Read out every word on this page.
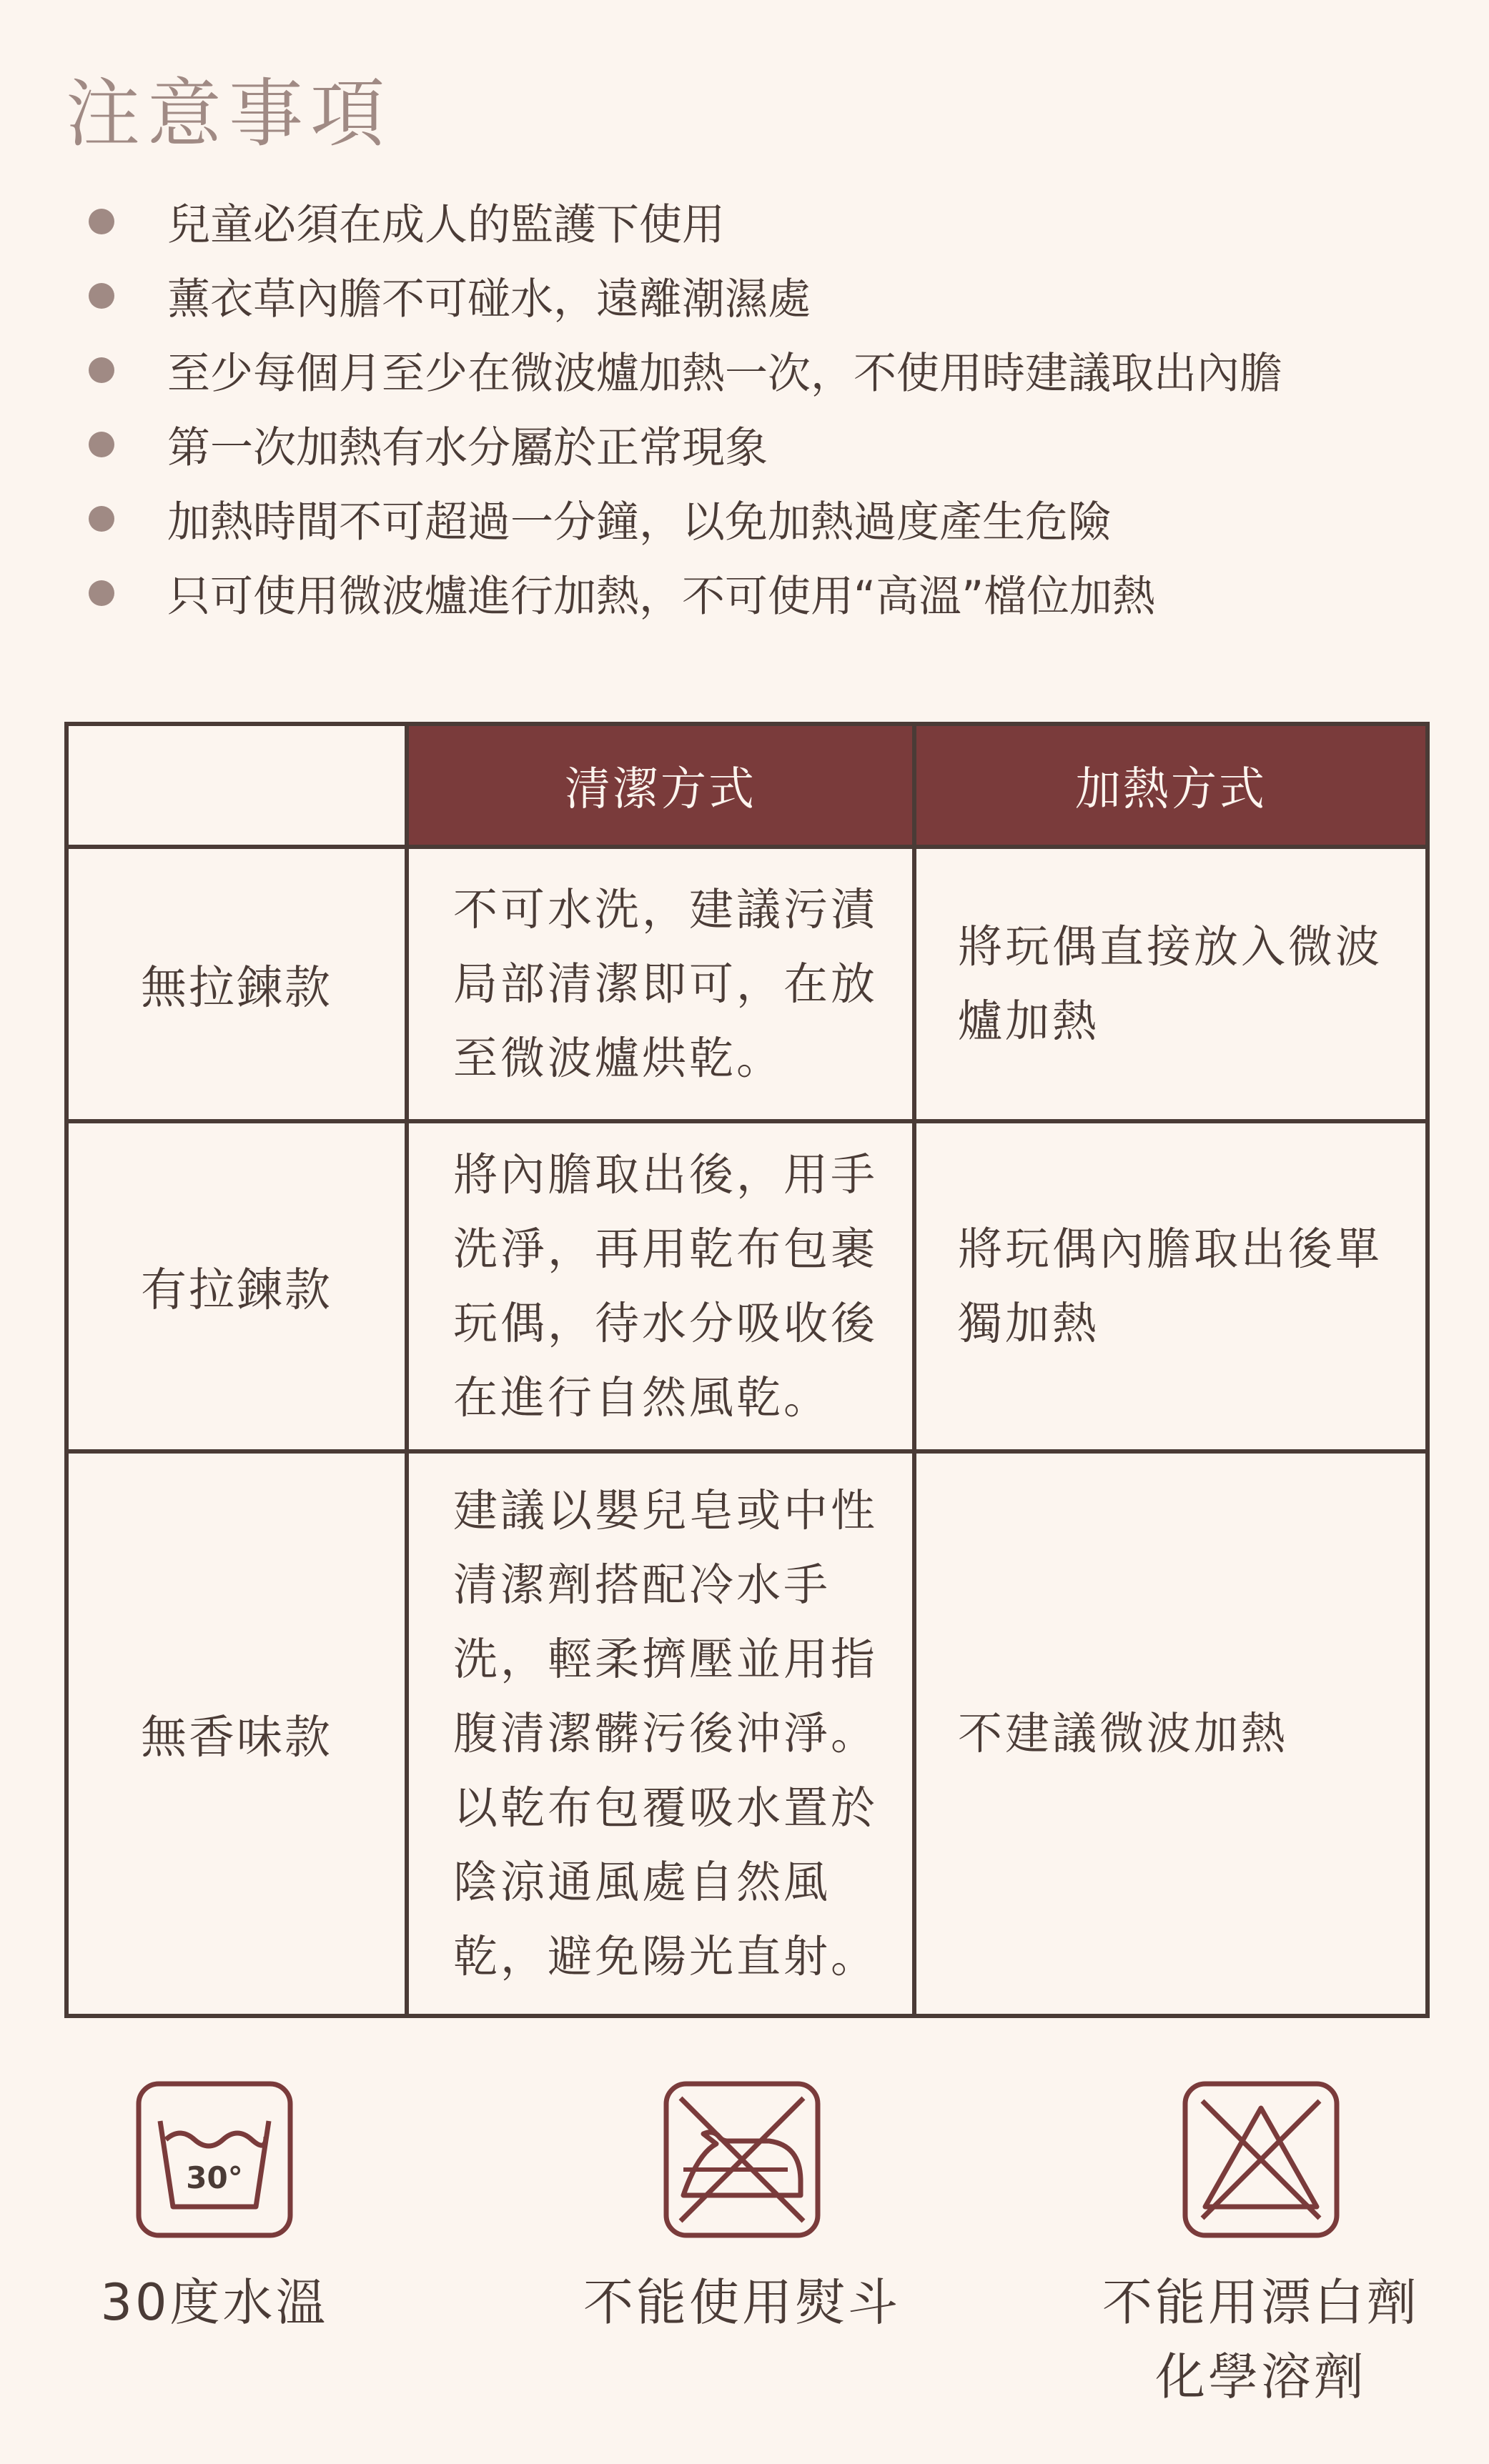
注意事項
兒童必須在成人的監護下使用
薰衣草內膽不可碰水，遠離潮濕處
至少每個月至少在微波爐加熱一次，不使用時建議取出內膽
第一次加熱有水分屬於正常現象
加熱時間不可超過一分鐘，以免加熱過度產生危險
只可使用微波爐進行加熱，不可使用“高溫”檔位加熱
	清潔方式	加熱方式
無拉鍊款	不可水洗，建議污漬局部清潔即可，在放至微波爐烘乾。	將玩偶直接放入微波爐加熱
有拉鍊款	將內膽取出後，用手洗淨，再用乾布包裹玩偶，待水分吸收後在進行自然風乾。	將玩偶內膽取出後單獨加熱
無香味款	建議以嬰兒皂或中性清潔劑搭配冷水手洗，輕柔擠壓並用指腹清潔髒污後沖淨。以乾布包覆吸水置於陰涼通風處自然風乾，避免陽光直射。	不建議微波加熱
30°
30度水溫	不能使用熨斗	不能用漂白劑
化學溶劑
